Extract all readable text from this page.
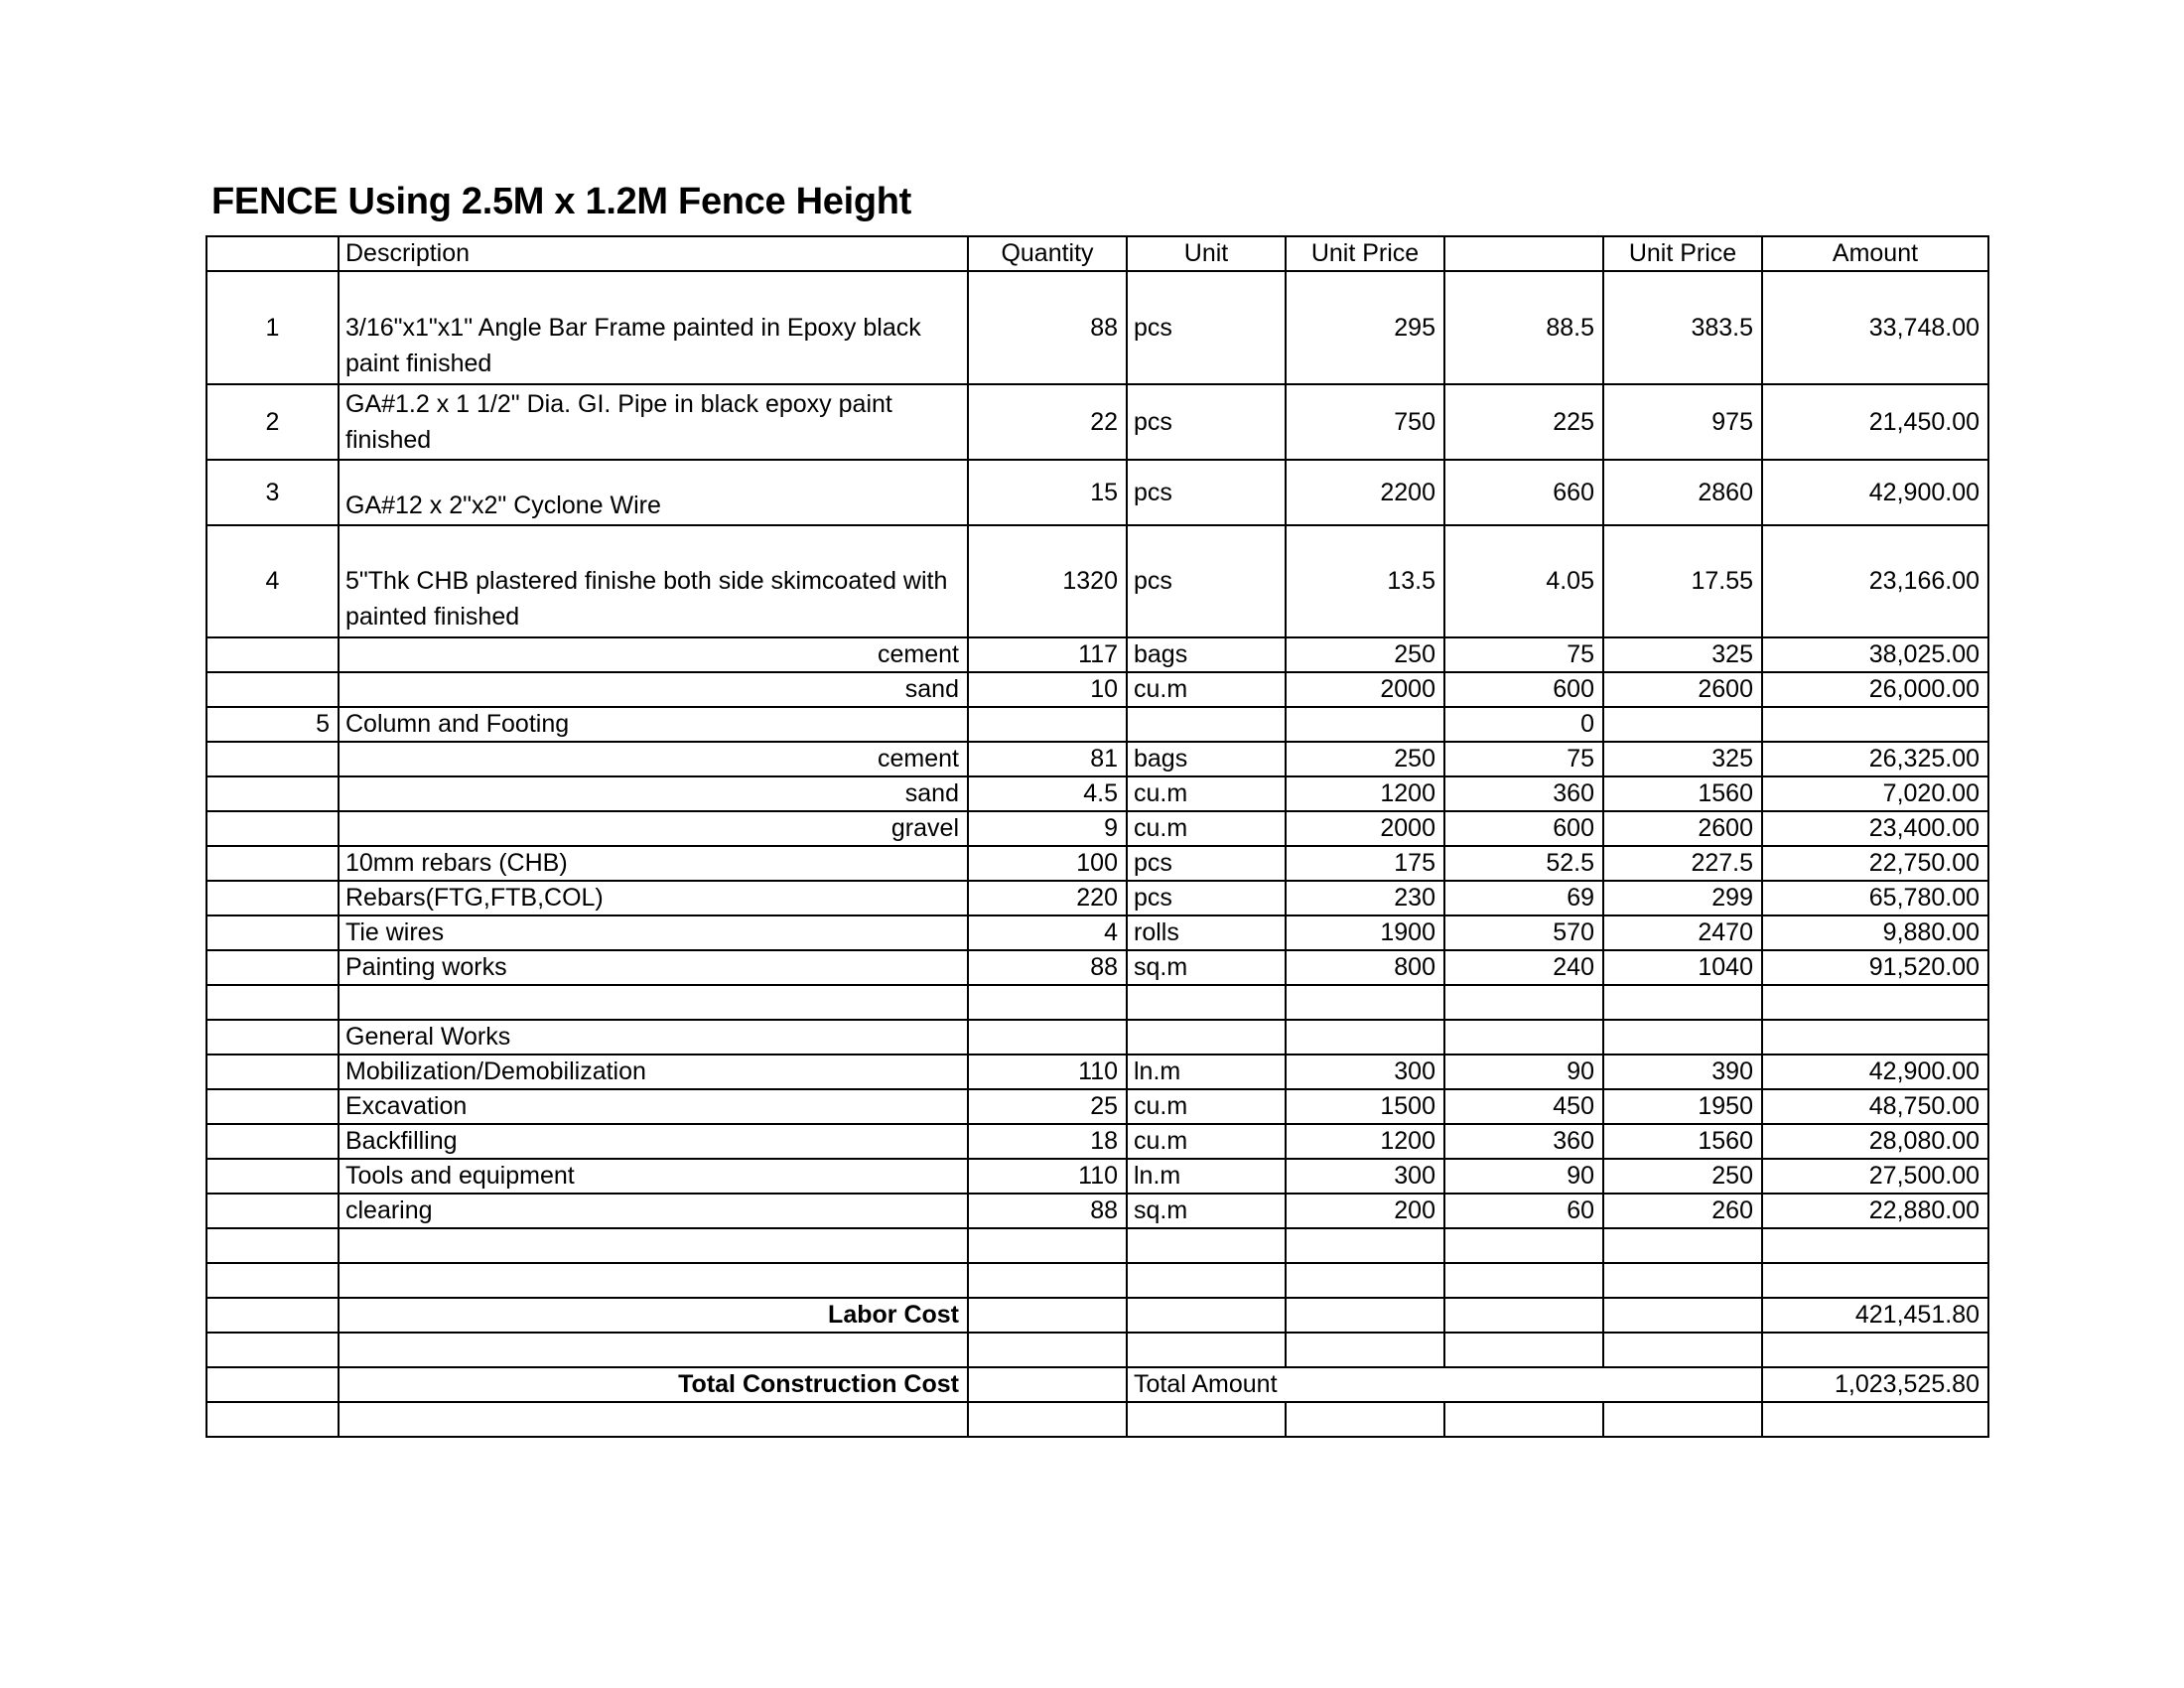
FENCE Using 2.5M x 1.2M Fence Height
	Description	Quantity	Unit	Unit Price		Unit Price	Amount
1	3/16"x1"x1" Angle Bar Frame painted in Epoxy black paint finished	88	pcs	295	88.5	383.5	33,748.00
2	GA#1.2 x 1 1/2" Dia. GI. Pipe in black epoxy paint finished	22	pcs	750	225	975	21,450.00
3	GA#12 x 2"x2" Cyclone Wire	15	pcs	2200	660	2860	42,900.00
4	5"Thk CHB plastered finishe both side skimcoated with painted finished	1320	pcs	13.5	4.05	17.55	23,166.00
	cement	117	bags	250	75	325	38,025.00
	sand	10	cu.m	2000	600	2600	26,000.00
5	Column and Footing				0		
	cement	81	bags	250	75	325	26,325.00
	sand	4.5	cu.m	1200	360	1560	7,020.00
	gravel	9	cu.m	2000	600	2600	23,400.00
	10mm rebars (CHB)	100	pcs	175	52.5	227.5	22,750.00
	Rebars(FTG,FTB,COL)	220	pcs	230	69	299	65,780.00
	Tie wires	4	rolls	1900	570	2470	9,880.00
	Painting works	88	sq.m	800	240	1040	91,520.00

	General Works						
	Mobilization/Demobilization	110	ln.m	300	90	390	42,900.00
	Excavation	25	cu.m	1500	450	1950	48,750.00
	Backfilling	18	cu.m	1200	360	1560	28,080.00
	Tools and equipment	110	ln.m	300	90	250	27,500.00
	clearing	88	sq.m	200	60	260	22,880.00

	Labor Cost						421,451.80

	Total Construction Cost		Total Amount				1,023,525.80
